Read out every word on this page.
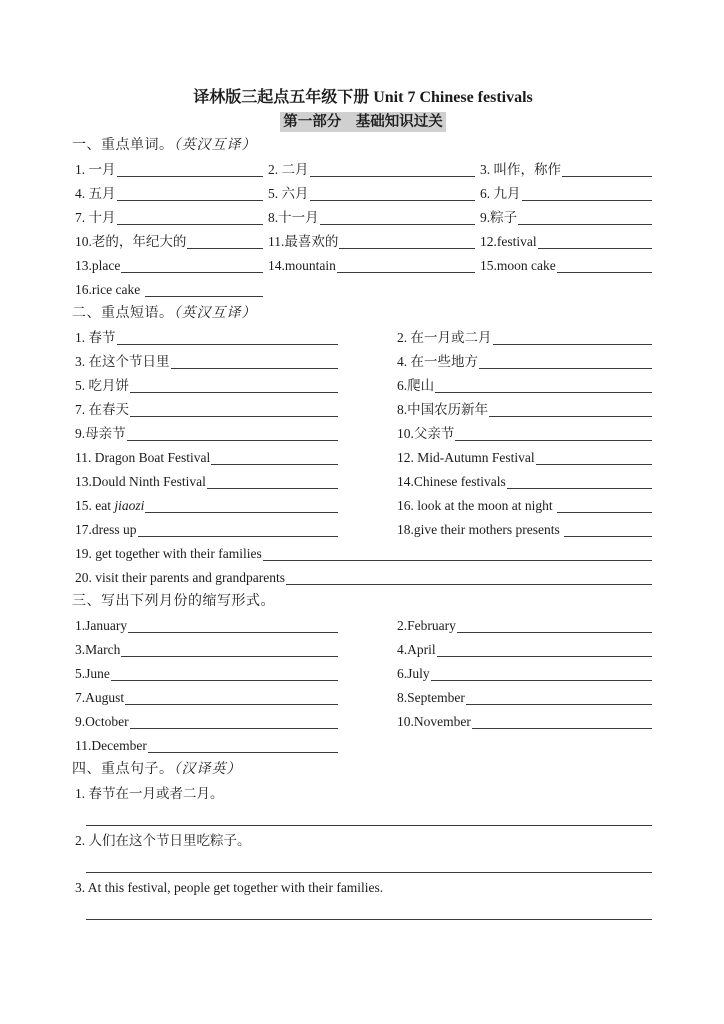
译林版三起点五年级下册 Unit 7 Chinese festivals
第一部分　基础知识过关
一、重点单词。（英汉互译）
1. 一月	2. 二月	3. 叫作，称作
4. 五月	5. 六月	6. 九月
7. 十月	8.十一月	9.粽子
10.老的，年纪大的	11.最喜欢的	12.festival
13.place	14.mountain	15.moon cake
16.rice cake
二、重点短语。（英汉互译）
1. 春节	2. 在一月或二月
3. 在这个节日里	4. 在一些地方
5. 吃月饼	6.爬山
7. 在春天	8.中国农历新年
9.母亲节	10.父亲节
11. Dragon Boat Festival	12. Mid-Autumn Festival
13.Dould Ninth Festival	14.Chinese festivals
15. eat jiaozi	16. look at the moon at night
17.dress up	18.give their mothers presents
19. get together with their families
20. visit their parents and grandparents
三、写出下列月份的缩写形式。
1.January	2.February
3.March	4.April
5.June	6.July
7.August	8.September
9.October	10.November
11.December
四、重点句子。（汉译英）
1. 春节在一月或者二月。
2. 人们在这个节日里吃粽子。
3. At this festival, people get together with their families.
